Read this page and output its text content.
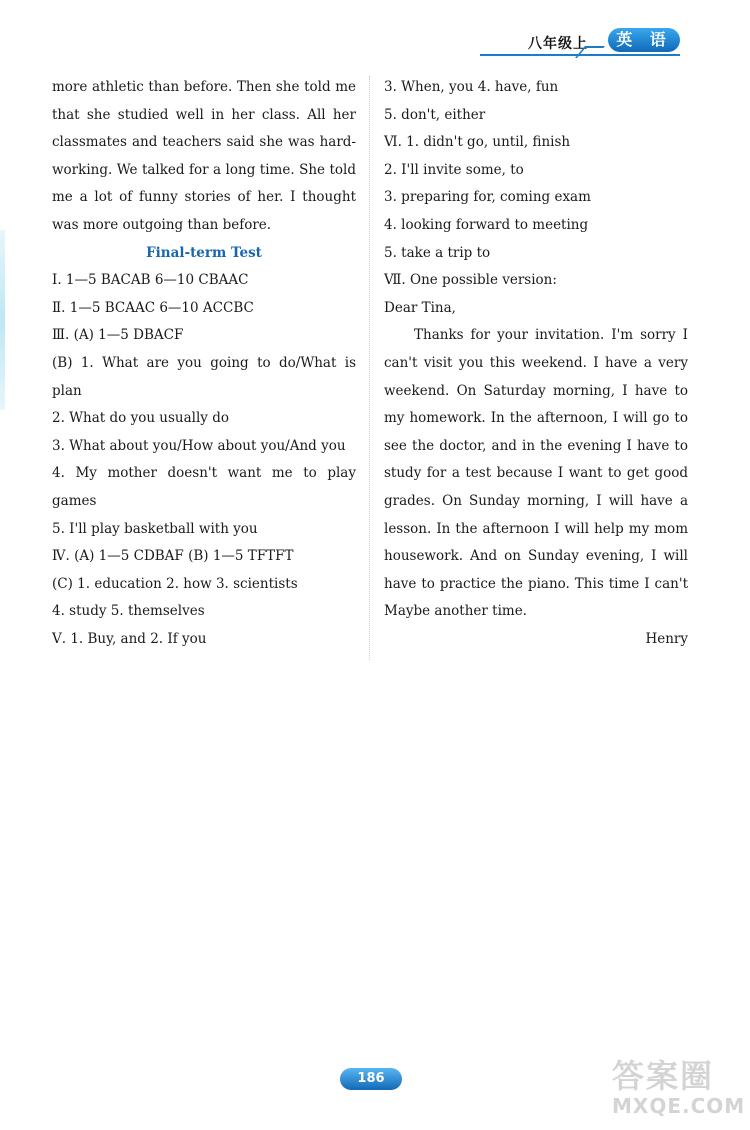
八年级上	英 语
more athletic than before. Then she told me
that she studied well in her class. All her
classmates and teachers said she was hard-
working. We talked for a long time. She told
me a lot of funny stories of her. I thought
was more outgoing than before.
Final-term Test
Ⅰ. 1—5 BACAB 6—10 CBAAC
Ⅱ. 1—5 BCAAC 6—10 ACCBC
Ⅲ. (A) 1—5 DBACF
(B) 1. What are you going to do/What is
plan
2. What do you usually do
3. What about you/How about you/And you
4. My mother doesn't want me to play
games
5. I'll play basketball with you
Ⅳ. (A) 1—5 CDBAF (B) 1—5 TFTFT
(C) 1. education 2. how 3. scientists
4. study 5. themselves
Ⅴ. 1. Buy, and 2. If you
3. When, you 4. have, fun
5. don't, either
Ⅵ. 1. didn't go, until, finish
2. I'll invite some, to
3. preparing for, coming exam
4. looking forward to meeting
5. take a trip to
Ⅶ. One possible version:
Dear Tina,
Thanks for your invitation. I'm sorry I
can't visit you this weekend. I have a very
weekend. On Saturday morning, I have to
my homework. In the afternoon, I will go to
see the doctor, and in the evening I have to
study for a test because I want to get good
grades. On Sunday morning, I will have a
lesson. In the afternoon I will help my mom
housework. And on Sunday evening, I will
have to practice the piano. This time I can't
Maybe another time.
Henry
186	答案圈
MXQE.COM
